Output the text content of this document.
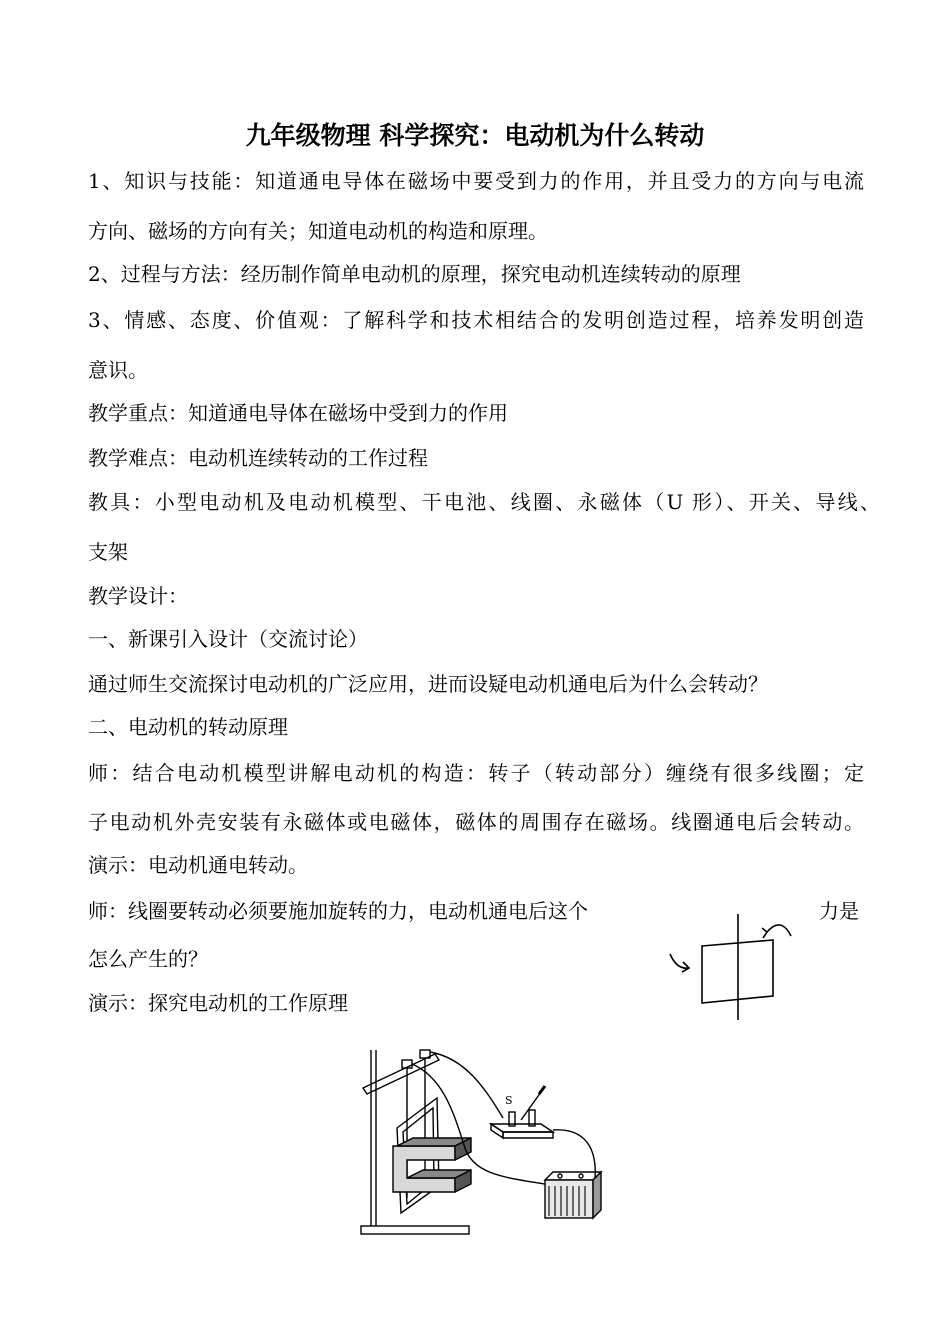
九年级物理 科学探究：电动机为什么转动
1、知识与技能：知道通电导体在磁场中要受到力的作用，并且受力的方向与电流
方向、磁场的方向有关；知道电动机的构造和原理。
2、过程与方法：经历制作简单电动机的原理，探究电动机连续转动的原理
3、情感、态度、价值观：了解科学和技术相结合的发明创造过程，培养发明创造
意识。
教学重点：知道通电导体在磁场中受到力的作用
教学难点：电动机连续转动的工作过程
教具：小型电动机及电动机模型、干电池、线圈、永磁体（U 形）、开关、导线、
支架
教学设计：
一、新课引入设计（交流讨论）
通过师生交流探讨电动机的广泛应用，进而设疑电动机通电后为什么会转动？
二、电动机的转动原理
师：结合电动机模型讲解电动机的构造：转子（转动部分）缠绕有很多线圈；定
子电动机外壳安装有永磁体或电磁体，磁体的周围存在磁场。线圈通电后会转动。
演示：电动机通电转动。
师：线圈要转动必须要施加旋转的力，电动机通电后这个	力是
怎么产生的？
演示：探究电动机的工作原理
S
